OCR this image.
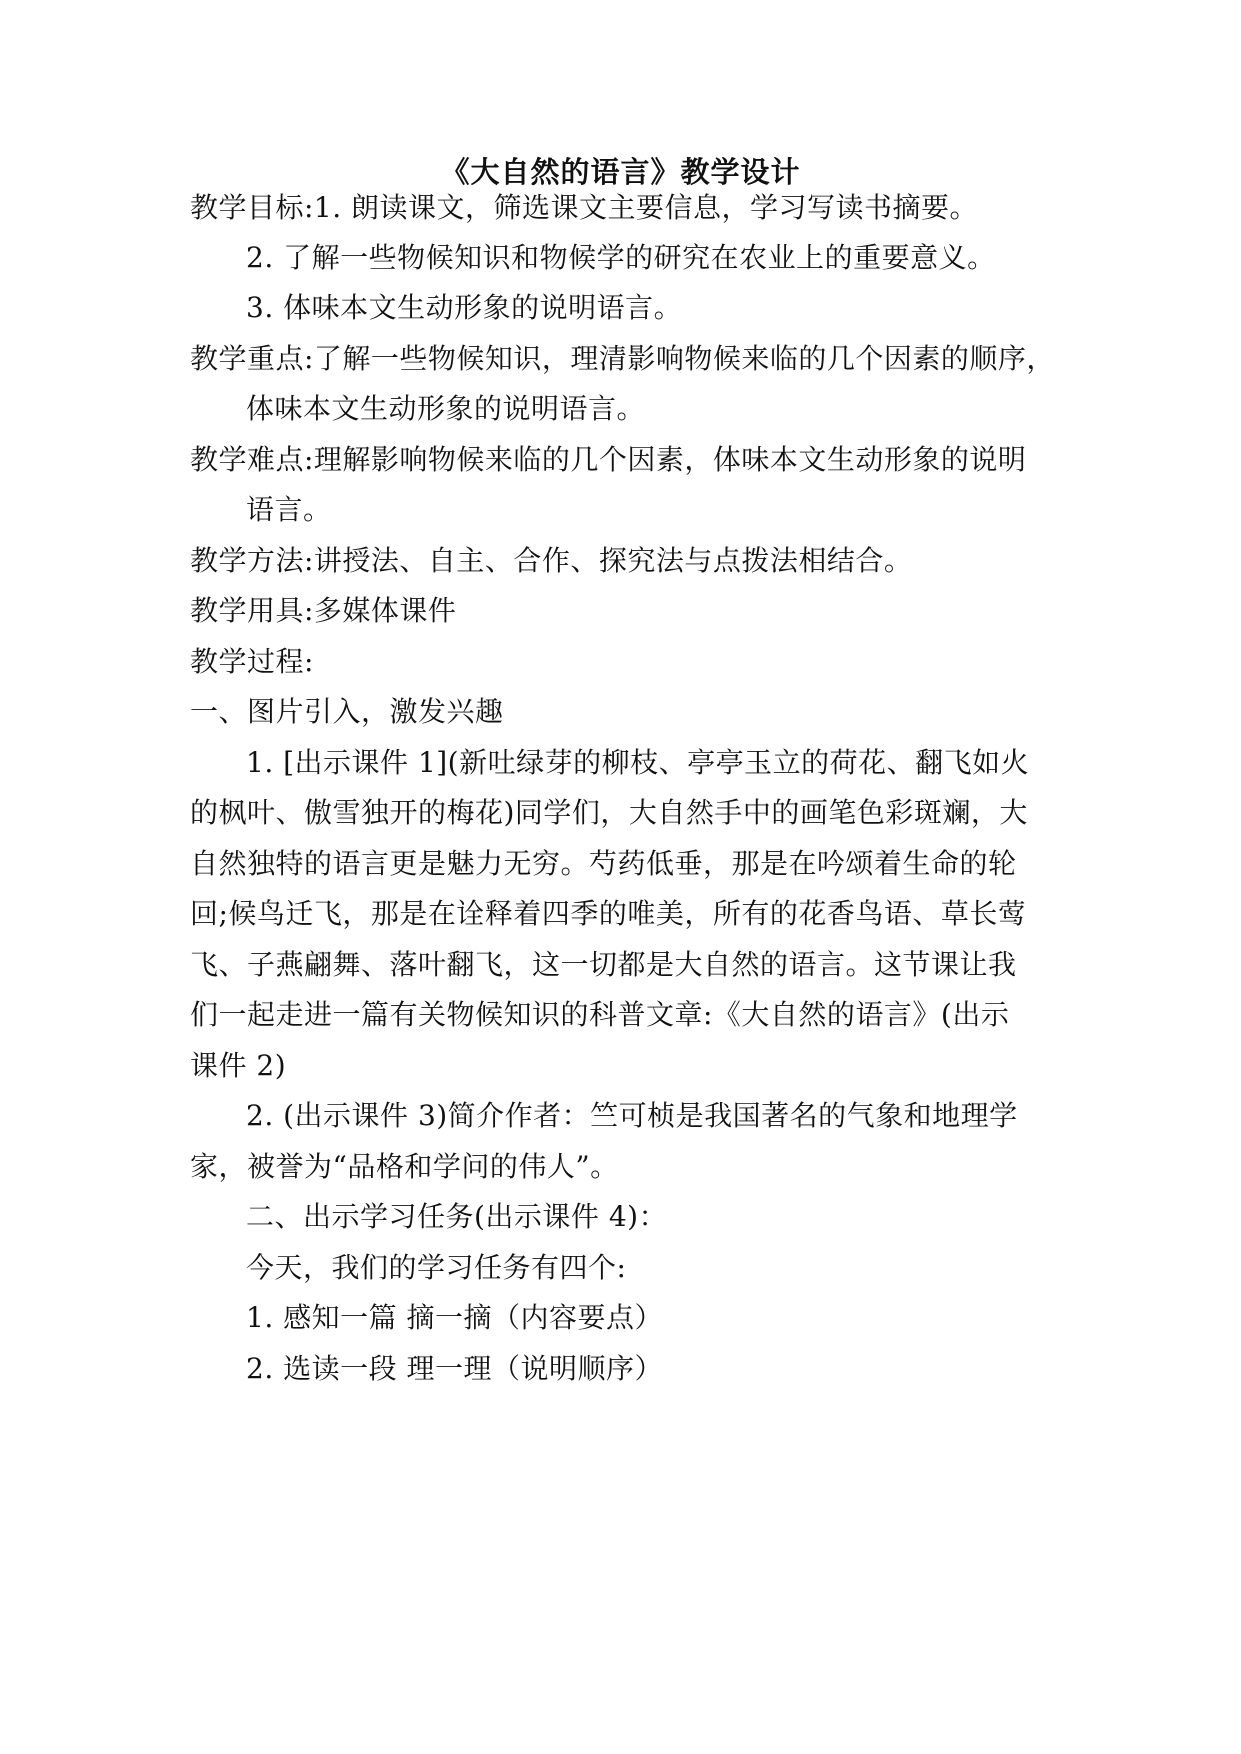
《大自然的语言》教学设计

教学目标:1. 朗读课文，筛选课文主要信息，学习写读书摘要。

2. 了解一些物候知识和物候学的研究在农业上的重要意义。

3. 体味本文生动形象的说明语言。

教学重点:了解一些物候知识，理清影响物候来临的几个因素的顺序，

体味本文生动形象的说明语言。

教学难点:理解影响物候来临的几个因素，体味本文生动形象的说明

语言。

教学方法:讲授法、自主、合作、探究法与点拨法相结合。

教学用具:多媒体课件

教学过程:

一、图片引入，激发兴趣

1. [出示课件 1](新吐绿芽的柳枝、亭亭玉立的荷花、翻飞如火

的枫叶、傲雪独开的梅花)同学们，大自然手中的画笔色彩斑斓，大

自然独特的语言更是魅力无穷。芍药低垂，那是在吟颂着生命的轮

回;候鸟迁飞，那是在诠释着四季的唯美，所有的花香鸟语、草长莺

飞、子燕翩舞、落叶翻飞，这一切都是大自然的语言。这节课让我

们一起走进一篇有关物候知识的科普文章:《大自然的语言》(出示

课件 2)

2. (出示课件 3)简介作者：竺可桢是我国著名的气象和地理学

家，被誉为“品格和学问的伟人”。

二、出示学习任务(出示课件 4)：

今天，我们的学习任务有四个:

1. 感知一篇 摘一摘（内容要点）

2. 选读一段 理一理（说明顺序）
